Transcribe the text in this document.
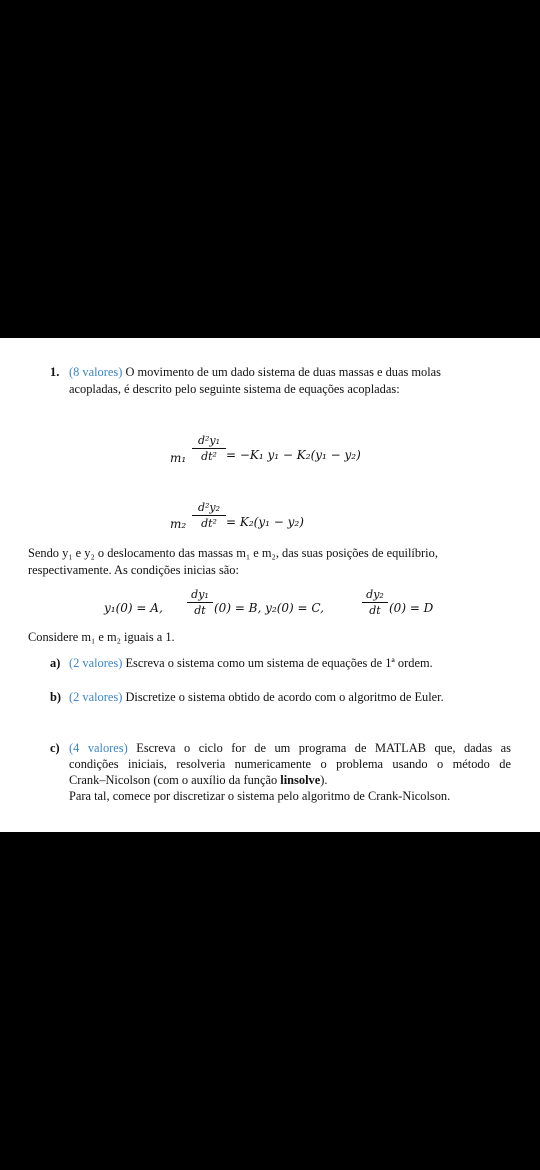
1. (8 valores) O movimento de um dado sistema de duas massas e duas molas
acopladas, é descrito pelo seguinte sistema de equações acopladas:
m₁
d²y₁
dt² = −K₁ y₁ − K₂(y₁ − y₂)
m₂
d²y₂
dt² = K₂(y₁ − y₂)
Sendo y₁ e y₂ o deslocamento das massas m₁ e m₂, das suas posições de equilíbrio,
respectivamente. As condições inicias são:
y₁(0) = A,
dy₁
dt (0) = B, y₂(0) = C,
dy₂
dt (0) = D
Considere m₁ e m₂ iguais a 1.
a) (2 valores) Escreva o sistema como um sistema de equações de 1ª ordem.
b) (2 valores) Discretize o sistema obtido de acordo com o algoritmo de Euler.
c) (4 valores) Escreva o ciclo for de um programa de MATLAB que, dadas as
condições iniciais, resolveria numericamente o problema usando o método de
Crank–Nicolson (com o auxílio da função linsolve).
Para tal, comece por discretizar o sistema pelo algoritmo de Crank-Nicolson.
